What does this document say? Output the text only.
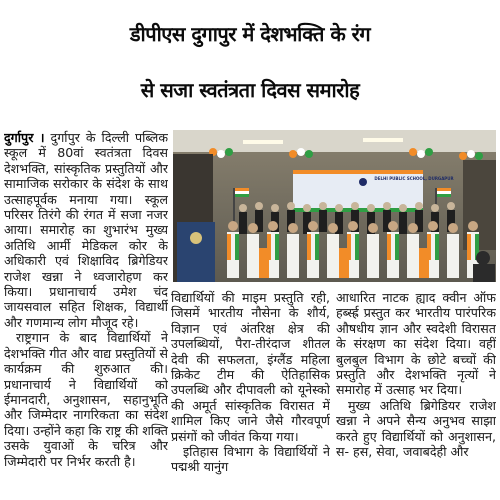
डीपीएस दुगापुर में देशभक्ति के रंग
से सजा स्वतंत्रता दिवस समारोह

दुर्गापुर । दुर्गापुर के दिल्ली पब्लिक स्कूल में 80वां स्वतंत्रता दिवस देशभक्ति, सांस्कृतिक प्रस्तुतियों और सामाजिक सरोकार के संदेश के साथ उत्साहपूर्वक मनाया गया। स्कूल परिसर तिरंगे की रंगत में सजा नजर आया। समारोह का शुभारंभ मुख्य अतिथि आर्मी मेडिकल कोर के अधिकारी एवं शिक्षाविद ब्रिगेडियर राजेश खन्ना ने ध्वजारोहण कर किया। प्रधानाचार्य उमेश चंद जायसवाल सहित शिक्षक, विद्यार्थी और गणमान्य लोग मौजूद रहे।

राष्ट्रगान के बाद विद्यार्थियों ने देशभक्ति गीत और वाद्य प्रस्तुतियों से कार्यक्रम की शुरुआत की। प्रधानाचार्य ने विद्यार्थियों को ईमानदारी, अनुशासन, सहानुभूति और जिम्मेदार नागरिकता का संदेश दिया। उन्होंने कहा कि राष्ट्र की शक्ति उसके युवाओं के चरित्र और जिम्मेदारी पर निर्भर करती है।

DELHI PUBLIC SCHOOL, DURGAPUR

विद्यार्थियों की माइम प्रस्तुति रही, जिसमें भारतीय नौसेना के शौर्य, विज्ञान एवं अंतरिक्ष क्षेत्र की उपलब्धियों, पैरा-तीरंदाज शीतल देवी की सफलता, इंग्लैंड महिला क्रिकेट टीम की ऐतिहासिक उपलब्धि और दीपावली को यूनेस्को की अमूर्त सांस्कृतिक विरासत में शामिल किए जाने जैसे गौरवपूर्ण प्रसंगों को जीवंत किया गया।

इतिहास विभाग के विद्यार्थियों ने पद्मश्री यानुंग

आधारित नाटक ह्याद क्वीन ऑफ हर्ब्स्ह्र प्रस्तुत कर भारतीय पारंपरिक औषधीय ज्ञान और स्वदेशी विरासत के संरक्षण का संदेश दिया। वहीं बुलबुल विभाग के छोटे बच्चों की प्रस्तुति और देशभक्ति नृत्यों ने समारोह में उत्साह भर दिया।

मुख्य अतिथि ब्रिगेडियर राजेश खन्ना ने अपने सैन्य अनुभव साझा करते हुए विद्यार्थियों को अनुशासन, स- हस, सेवा, जवाबदेही और
